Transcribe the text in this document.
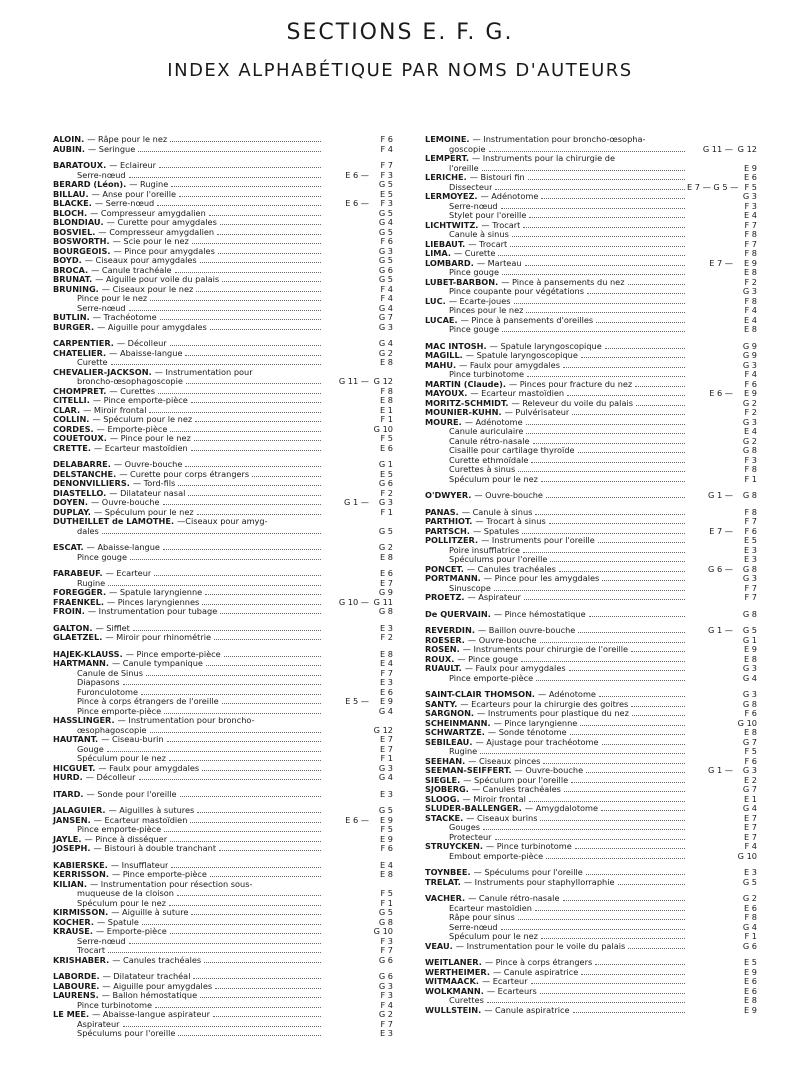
SECTIONS E. F. G.
INDEX ALPHABÉTIQUE PAR NOMS D'AUTEURS
ALOIN. — Râpe pour le nez	F 6
AUBIN. — Seringue	F 4
BARATOUX. — Eclaireur	F 7
Serre-nœud	E 6 —	F 3
BERARD (Léon). — Rugine	G 5
BILLAU. — Anse pour l'oreille	E 5
BLACKE. — Serre-nœud	E 6 —	F 3
BLOCH. — Compresseur amygdalien	G 5
BLONDIAU. — Curette pour amygdales	G 4
BOSVIEL. — Compresseur amygdalien	G 5
BOSWORTH. — Scie pour le nez	F 6
BOURGEOIS. — Pince pour amygdales	G 3
BOYD. — Ciseaux pour amygdales	G 5
BROCA. — Canule trachéale	G 6
BRUNAT. — Aiguille pour voile du palais	G 5
BRUNING. — Ciseaux pour le nez	F 4
Pince pour le nez	F 4
Serre-nœud	G 4
BUTLIN. — Trachéotome	G 7
BURGER. — Aiguille pour amygdales	G 3
CARPENTIER. — Décolleur	G 4
CHATELIER. — Abaisse-langue	G 2
Curette	E 8
CHEVALIER-JACKSON. — Instrumentation pour
broncho-œsophagoscopie	G 11 — G 12
CHOMPRET. — Curettes	F 8
CITELLI. — Pince emporte-pièce	E 8
CLAR. — Miroir frontal	E 1
COLLIN. — Spéculum pour le nez	F 1
CORDES. — Emporte-pièce	G 10
COUETOUX. — Pince pour le nez	F 5
CRETTE. — Ecarteur mastoïdien	E 6
DELABARRE. — Ouvre-bouche	G 1
DELSTANCHE. — Curette pour corps étrangers	E 5
DENONVILLIERS. — Tord-fils	G 6
DIASTELLO. — Dilatateur nasal	F 2
DOYEN. — Ouvre-bouche	G 1 —	G 3
DUPLAY. — Spéculum pour le nez	F 1
DUTHEILLET de LAMOTHE. —Ciseaux pour amyg-
dales	G 5
ESCAT. — Abaisse-langue	G 2
Pince gouge	E 8
FARABEUF. — Ecarteur	E 6
Rugine	E 7
FOREGGER. — Spatule laryngienne	G 9
FRAENKEL. — Pinces laryngiennes	G 10 — G 11
FROIN. — Instrumentation pour tubage	G 8
GALTON. — Sifflet	E 3
GLAETZEL. — Miroir pour rhinométrie	F 2
HAJEK-KLAUSS. — Pince emporte-pièce	E 8
HARTMANN. — Canule tympanique	E 4
Canule de Sinus	F 7
Diapasons	E 3
Furonculotome	E 6
Pince à corps étrangers de l'oreille	E 5 —	E 9
Pince emporte-pièce	G 4
HASSLINGER. — Instrumentation pour broncho-
œsophagoscopie	G 12
HAUTANT. — Ciseau-burin	E 7
Gouge	E 7
Spéculum pour le nez	F 1
HICGUET. — Faulx pour amygdales	G 3
HURD. — Décolleur	G 4
ITARD. — Sonde pour l'oreille	E 3
JALAGUIER. — Aiguilles à sutures	G 5
JANSEN. — Ecarteur mastoïdien	E 6 —	E 9
Pince emporte-pièce	F 5
JAYLE. — Pince à disséquer	E 9
JOSEPH. — Bistouri à double tranchant	F 6
KABIERSKE. — Insufflateur	E 4
KERRISSON. — Pince emporte-pièce	E 8
KILIAN. — Instrumentation pour résection sous-
muqueuse de la cloison	F 5
Spéculum pour le nez	F 1
KIRMISSON. — Aiguille à suture	G 5
KOCHER. — Spatule	G 8
KRAUSE. — Emporte-pièce	G 10
Serre-nœud	F 3
Trocart	F 7
KRISHABER. — Canules trachéales	G 6
LABORDE. — Dilatateur trachéal	G 6
LABOURE. — Aiguille pour amygdales	G 3
LAURENS. — Ballon hémostatique	F 3
Pince turbinotome	F 4
LE MEE. — Abaisse-langue aspirateur	G 2
Aspirateur	F 7
Spéculums pour l'oreille	E 3
LEMOINE. — Instrumentation pour broncho-œsopha-
goscopie	G 11 — G 12
LEMPERT. — Instruments pour la chirurgie de
l'oreille	E 9
LERICHE. — Bistouri fin	E 6
Dissecteur	E 7 — G 5 — F 5
LERMOYEZ. — Adénotome	G 3
Serre-nœud	F 3
Stylet pour l'oreille	E 4
LICHTWITZ. — Trocart	F 7
Canule à sinus	F 8
LIEBAUT. — Trocart	F 7
LIMA. — Curette	F 8
LOMBARD. — Marteau	E 7 —	E 9
Pince gouge	E 8
LUBET-BARBON. — Pince à pansements du nez	F 2
Pince coupante pour végétations	G 3
LUC. — Ecarte-joues	F 8
Pinces pour le nez	F 4
LUCAE. — Pince à pansements d'oreilles	E 4
Pince gouge	E 8
MAC INTOSH. — Spatule laryngoscopique	G 9
MAGILL. — Spatule laryngoscopique	G 9
MAHU. — Faulx pour amygdales	G 3
Pince turbinotome	F 4
MARTIN (Claude). — Pinces pour fracture du nez	F 6
MAYOUX. — Ecarteur mastoïdien	E 6 —	E 9
MORITZ-SCHMIDT. — Releveur du voile du palais	G 2
MOUNIER-KUHN. — Pulvérisateur	F 2
MOURE. — Adénotome	G 3
Canule auriculaire	E 4
Canule rétro-nasale	G 2
Cisaille pour cartilage thyroïde	G 8
Curette ethmoïdale	F 3
Curettes à sinus	F 8
Spéculum pour le nez	F 1
O'DWYER. — Ouvre-bouche	G 1 —	G 8
PANAS. — Canule à sinus	F 8
PARTHIOT. — Trocart à sinus	F 7
PARTSCH. — Spatules	E 7 —	F 6
POLLITZER. — Instruments pour l'oreille	E 5
Poire insufflatrice	E 3
Spéculums pour l'oreille	E 3
PONCET. — Canules trachéales	G 6 —	G 8
PORTMANN. — Pince pour les amygdales	G 3
Sinuscope	F 7
PROETZ. — Aspirateur	F 7
De QUERVAIN. — Pince hémostatique	G 8
REVERDIN. — Baillon ouvre-bouche	G 1 —	G 5
ROESER. — Ouvre-bouche	G 1
ROSEN. — Instruments pour chirurgie de l'oreille	E 9
ROUX. — Pince gouge	E 8
RUAULT. — Faulx pour amygdales	G 3
Pince emporte-pièce	G 4
SAINT-CLAIR THOMSON. — Adénotome	G 3
SANTY. — Ecarteurs pour la chirurgie des goitres	G 8
SARGNON. — Instruments pour plastique du nez	F 6
SCHEINMANN. — Pince laryngienne	G 10
SCHWARTZE. — Sonde ténotome	E 8
SEBILEAU. — Ajustage pour trachéotome	G 7
Rugine	F 5
SEEHAN. — Ciseaux pinces	F 6
SEEMAN-SEIFFERT. — Ouvre-bouche	G 1 —	G 3
SIEGLE. — Spéculum pour l'oreille	E 2
SJOBERG. — Canules trachéales	G 7
SLOOG. — Miroir frontal	E 1
SLUDER-BALLENGER. — Amygdalotome	G 4
STACKE. — Ciseaux burins	E 7
Gouges	E 7
Protecteur	E 7
STRUYCKEN. — Pince turbinotome	F 4
Embout emporte-pièce	G 10
TOYNBEE. — Spéculums pour l'oreille	E 3
TRELAT. — Instruments pour staphyllorraphie	G 5
VACHER. — Canule rétro-nasale	G 2
Ecarteur mastoïdien	E 6
Râpe pour sinus	F 8
Serre-nœud	G 4
Spéculum pour le nez	F 1
VEAU. — Instrumentation pour le voile du palais	G 6
WEITLANER. — Pince à corps étrangers	E 5
WERTHEIMER. — Canule aspiratrice	E 9
WITMAACK. — Ecarteur	E 6
WOLKMANN. — Ecarteurs	E 6
Curettes	E 8
WULLSTEIN. — Canule aspiratrice	E 9
